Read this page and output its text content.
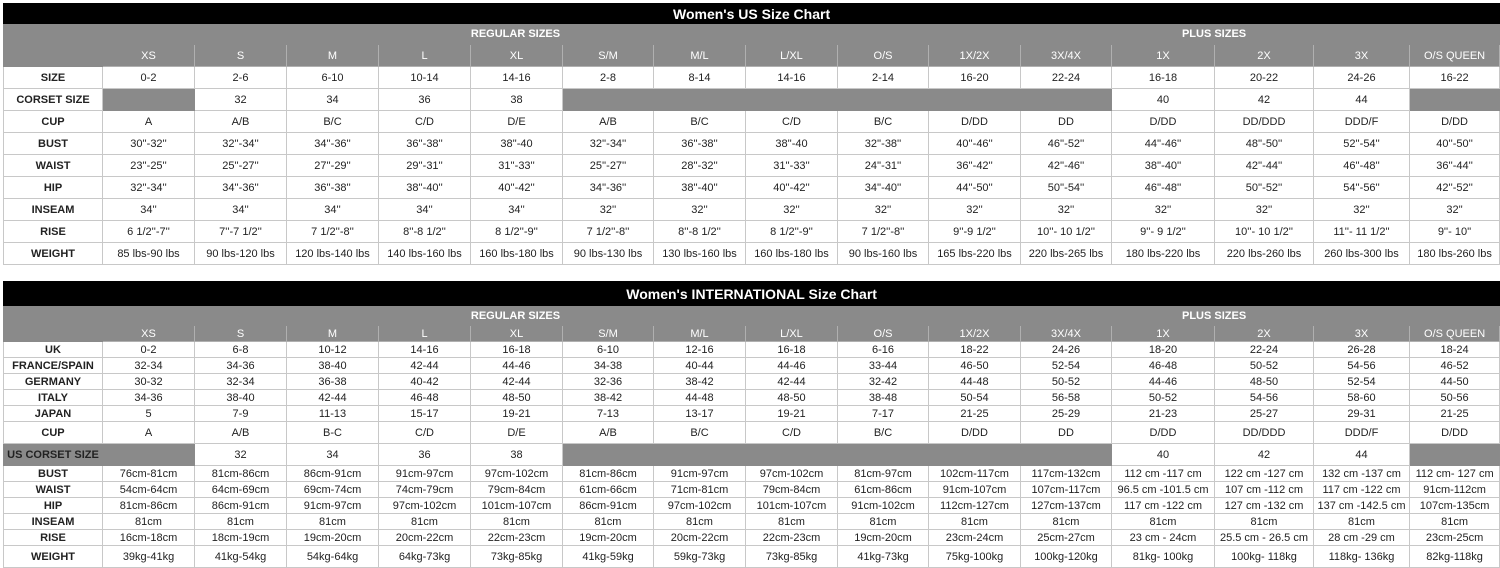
Women's US Size Chart															
	REGULAR SIZES									PLUS SIZES					
	XS	S	M	L	XL	S/M	M/L	L/XL	O/S	1X/2X	3X/4X	1X	2X	3X	O/S QUEEN
SIZE	0-2	2-6	6-10	10-14	14-16	2-8	8-14	14-16	2-14	16-20	22-24	16-18	20-22	24-26	16-22
CORSET SIZE		32	34	36	38							40	42	44	
CUP	A	A/B	B/C	C/D	D/E	A/B	B/C	C/D	B/C	D/DD	DD	D/DD	DD/DDD	DDD/F	D/DD
BUST	30''-32''	32''-34''	34''-36''	36''-38''	38''-40	32''-34''	36''-38''	38''-40	32''-38''	40''-46''	46''-52''	44''-46''	48''-50''	52''-54''	40''-50''
WAIST	23''-25''	25''-27''	27''-29''	29''-31''	31''-33''	25''-27''	28''-32''	31''-33''	24''-31''	36''-42''	42''-46''	38''-40''	42''-44''	46''-48''	36''-44''
HIP	32''-34''	34''-36''	36''-38''	38''-40''	40''-42''	34''-36''	38''-40''	40''-42''	34''-40''	44''-50''	50''-54''	46''-48''	50''-52''	54''-56''	42''-52''
INSEAM	34''	34''	34''	34''	34''	32''	32''	32''	32''	32''	32''	32''	32''	32''	32''
RISE	6 1/2''-7''	7''-7 1/2''	7 1/2''-8''	8''-8 1/2''	8 1/2''-9''	7 1/2''-8''	8''-8 1/2''	8 1/2''-9''	7 1/2''-8''	9''-9 1/2''	10''- 10 1/2''	9''- 9 1/2''	10''- 10 1/2''	11''- 11 1/2''	9''- 10''
WEIGHT	85 lbs-90 lbs	90 lbs-120 lbs	120 lbs-140 lbs	140 lbs-160 lbs	160 lbs-180 lbs	90 lbs-130 lbs	130 lbs-160 lbs	160 lbs-180 lbs	90 lbs-160 lbs	165 lbs-220 lbs	220 lbs-265 lbs	180 lbs-220 lbs	220 lbs-260 lbs	260 lbs-300 lbs	180 lbs-260 lbs
Women's INTERNATIONAL Size Chart															
	REGULAR SIZES									PLUS SIZES					
	XS	S	M	L	XL	S/M	M/L	L/XL	O/S	1X/2X	3X/4X	1X	2X	3X	O/S QUEEN
UK	0-2	6-8	10-12	14-16	16-18	6-10	12-16	16-18	6-16	18-22	24-26	18-20	22-24	26-28	18-24
FRANCE/SPAIN	32-34	34-36	38-40	42-44	44-46	34-38	40-44	44-46	33-44	46-50	52-54	46-48	50-52	54-56	46-52
GERMANY	30-32	32-34	36-38	40-42	42-44	32-36	38-42	42-44	32-42	44-48	50-52	44-46	48-50	52-54	44-50
ITALY	34-36	38-40	42-44	46-48	48-50	38-42	44-48	48-50	38-48	50-54	56-58	50-52	54-56	58-60	50-56
JAPAN	5	7-9	11-13	15-17	19-21	7-13	13-17	19-21	7-17	21-25	25-29	21-23	25-27	29-31	21-25
CUP	A	A/B	B-C	C/D	D/E	A/B	B/C	C/D	B/C	D/DD	DD	D/DD	DD/DDD	DDD/F	D/DD
US CORSET SIZE		32	34	36	38							40	42	44	
BUST	76cm-81cm	81cm-86cm	86cm-91cm	91cm-97cm	97cm-102cm	81cm-86cm	91cm-97cm	97cm-102cm	81cm-97cm	102cm-117cm	117cm-132cm	112 cm -117 cm	122 cm -127 cm	132 cm -137 cm	112 cm- 127 cm
WAIST	54cm-64cm	64cm-69cm	69cm-74cm	74cm-79cm	79cm-84cm	61cm-66cm	71cm-81cm	79cm-84cm	61cm-86cm	91cm-107cm	107cm-117cm	96.5 cm -101.5 cm	107 cm -112 cm	117 cm -122 cm	91cm-112cm
HIP	81cm-86cm	86cm-91cm	91cm-97cm	97cm-102cm	101cm-107cm	86cm-91cm	97cm-102cm	101cm-107cm	91cm-102cm	112cm-127cm	127cm-137cm	117 cm -122 cm	127 cm -132 cm	137 cm -142.5 cm	107cm-135cm
INSEAM	81cm	81cm	81cm	81cm	81cm	81cm	81cm	81cm	81cm	81cm	81cm	81cm	81cm	81cm	81cm
RISE	16cm-18cm	18cm-19cm	19cm-20cm	20cm-22cm	22cm-23cm	19cm-20cm	20cm-22cm	22cm-23cm	19cm-20cm	23cm-24cm	25cm-27cm	23 cm - 24cm	25.5 cm - 26.5 cm	28 cm -29 cm	23cm-25cm
WEIGHT	39kg-41kg	41kg-54kg	54kg-64kg	64kg-73kg	73kg-85kg	41kg-59kg	59kg-73kg	73kg-85kg	41kg-73kg	75kg-100kg	100kg-120kg	81kg- 100kg	100kg- 118kg	118kg- 136kg	82kg-118kg
